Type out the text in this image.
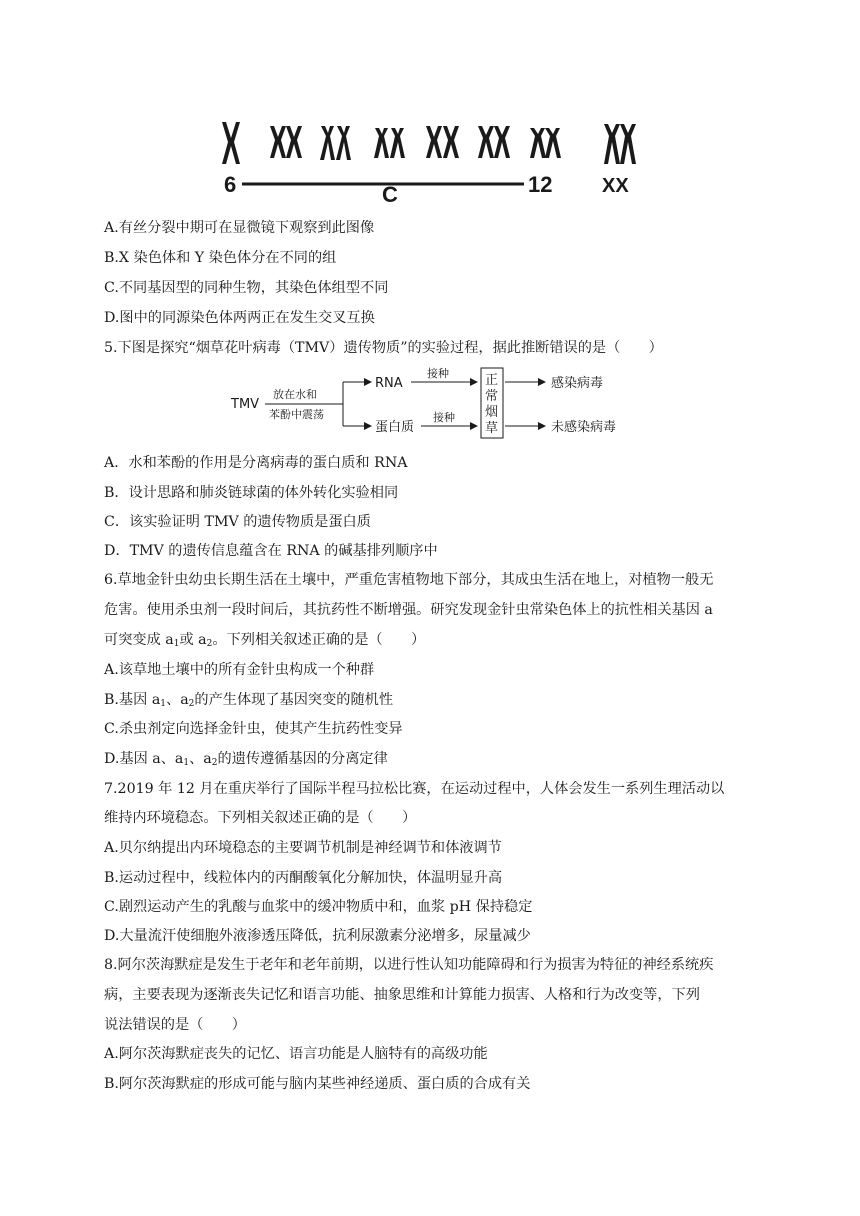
6	C	12 XX
A.有丝分裂中期可在显微镜下观察到此图像
B.X 染色体和 Y 染色体分在不同的组
C.不同基因型的同种生物，其染色体组型不同
D.图中的同源染色体两两正在发生交叉互换
5.下图是探究“烟草花叶病毒（TMV）遗传物质”的实验过程，据此推断错误的是（　　）
TMV
放在水和
苯酚中震荡
RNA
蛋白质
接种
接种
正
常
烟
草
感染病毒
未感染病毒
A．水和苯酚的作用是分离病毒的蛋白质和 RNA
B．设计思路和肺炎链球菌的体外转化实验相同
C．该实验证明 TMV 的遗传物质是蛋白质
D．TMV 的遗传信息蕴含在 RNA 的碱基排列顺序中
6.草地金针虫幼虫长期生活在土壤中，严重危害植物地下部分，其成虫生活在地上，对植物一般无
危害。使用杀虫剂一段时间后，其抗药性不断增强。研究发现金针虫常染色体上的抗性相关基因 a
可突变成 $a_1$或 $a_2$。下列相关叙述正确的是（　　）
A.该草地土壤中的所有金针虫构成一个种群
B.基因 $a_1$、$a_2$的产生体现了基因突变的随机性
C.杀虫剂定向选择金针虫，使其产生抗药性变异
D.基因 a、$a_1$、$a_2$的遗传遵循基因的分离定律
7.2019 年 12 月在重庆举行了国际半程马拉松比赛，在运动过程中，人体会发生一系列生理活动以
维持内环境稳态。下列相关叙述正确的是（　　）
A.贝尔纳提出内环境稳态的主要调节机制是神经调节和体液调节
B.运动过程中，线粒体内的丙酮酸氧化分解加快，体温明显升高
C.剧烈运动产生的乳酸与血浆中的缓冲物质中和，血浆 pH 保持稳定
D.大量流汗使细胞外液渗透压降低，抗利尿激素分泌增多，尿量减少
8.阿尔茨海默症是发生于老年和老年前期，以进行性认知功能障碍和行为损害为特征的神经系统疾
病，主要表现为逐渐丧失记忆和语言功能、抽象思维和计算能力损害、人格和行为改变等，下列
说法错误的是（　　）
A.阿尔茨海默症丧失的记忆、语言功能是人脑特有的高级功能
B.阿尔茨海默症的形成可能与脑内某些神经递质、蛋白质的合成有关
